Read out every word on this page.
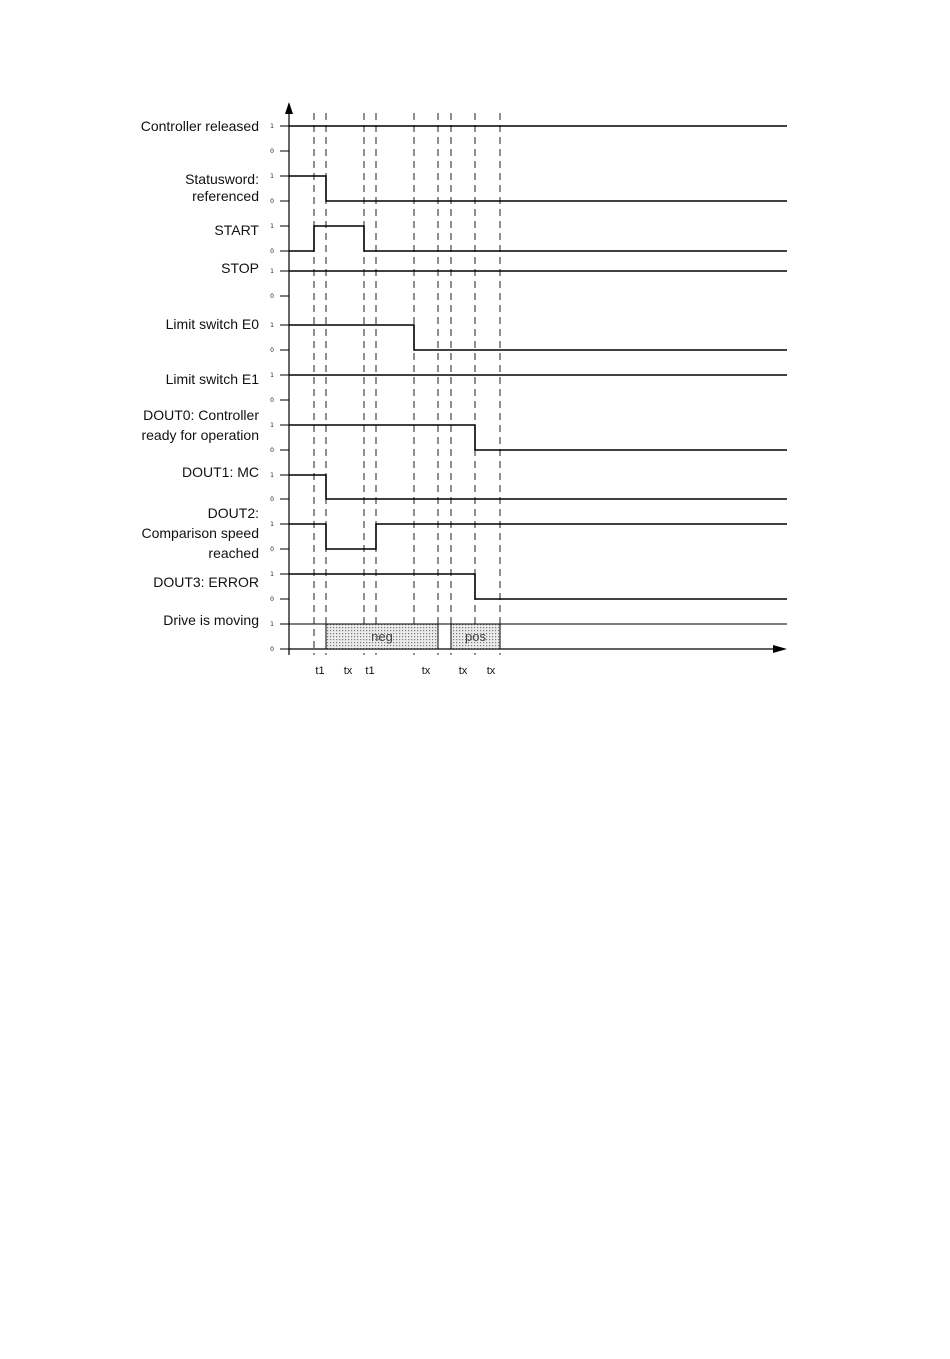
Controller released 1
0
Statusword:
referenced
1
0
START 1
0
STOP 1
0
Limit switch E0 1
0
Limit switch E1 1
0
DOUT0: Controller
ready for operation
1
0
DOUT1: MC 1
0
DOUT2:
Comparison speed
reached
1
0
DOUT3: ERROR 1
0
Drive is moving 1
0
neg	pos
t1 tx t1	tx	tx tx
